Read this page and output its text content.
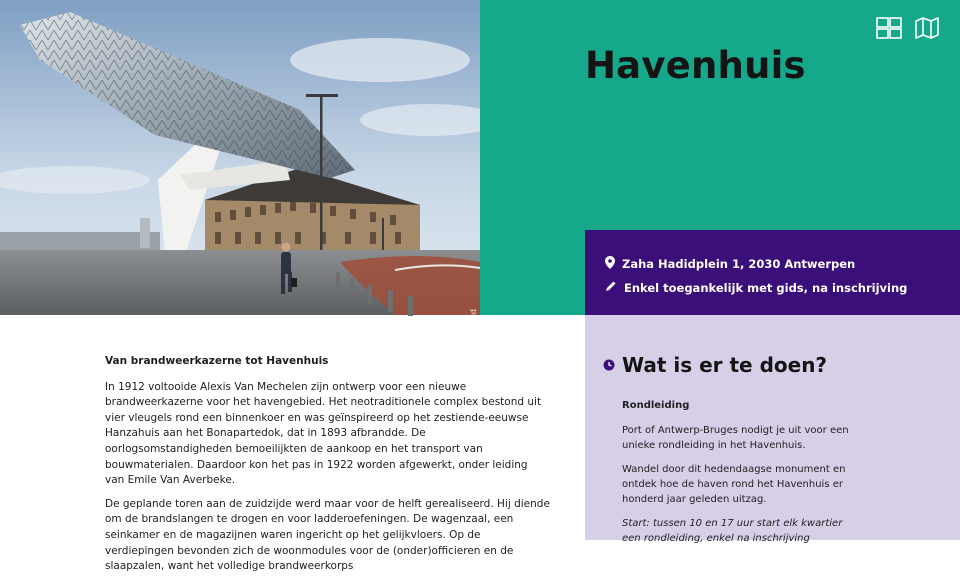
©Lucid
Havenhuis
Zaha Hadidplein 1, 2030 Antwerpen
Enkel toegankelijk met gids, na inschrijving
Van brandweerkazerne tot Havenhuis

In 1912 voltooide Alexis Van Mechelen zijn ontwerp voor een nieuwe brandweerkazerne voor het havengebied. Het neotraditionele complex bestond uit vier vleugels rond een binnenkoer en was geïnspireerd op het zestiende-eeuwse Hanzahuis aan het Bonapartedok, dat in 1893 afbrandde. De oorlogsomstandigheden bemoeilijkten de aankoop en het transport van bouwmaterialen. Daardoor kon het pas in 1922 worden afgewerkt, onder leiding van Emile Van Averbeke.

De geplande toren aan de zuidzijde werd maar voor de helft gerealiseerd. Hij diende om de brandslangen te drogen en voor ladderoefeningen. De wagenzaal, een seinkamer en de magazijnen waren ingericht op het gelijkvloers. Op de verdiepingen bevonden zich de woonmodules voor de (onder)officieren en de slaapzalen, want het volledige brandweerkorps

Wat is er te doen?
Rondleiding

Port of Antwerp-Bruges nodigt je uit voor een unieke rondleiding in het Havenhuis.

Wandel door dit hedendaagse monument en ontdek hoe de haven rond het Havenhuis er honderd jaar geleden uitzag.

Start: tussen 10 en 17 uur start elk kwartier een rondleiding, enkel na inschrijving
